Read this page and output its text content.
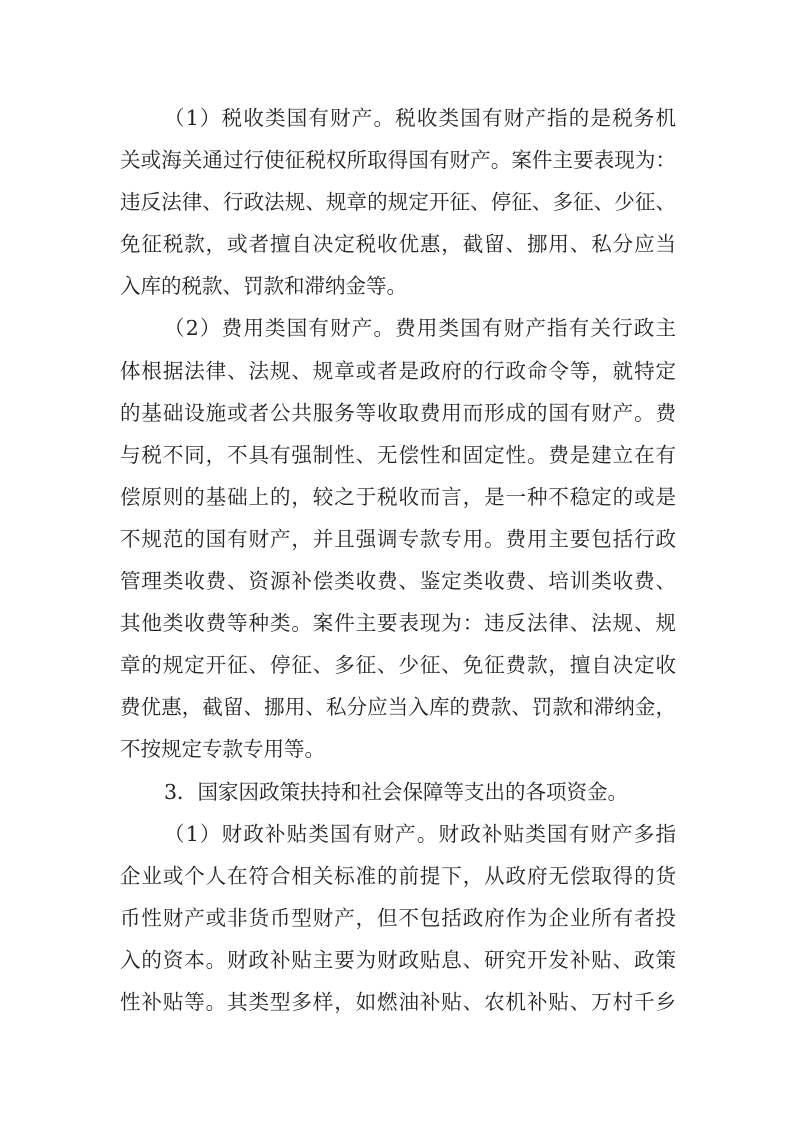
（1）税收类国有财产。税收类国有财产指的是税务机
关或海关通过行使征税权所取得国有财产。案件主要表现为：
违反法律、行政法规、规章的规定开征、停征、多征、少征、
免征税款，或者擅自决定税收优惠，截留、挪用、私分应当
入库的税款、罚款和滞纳金等。
（2）费用类国有财产。费用类国有财产指有关行政主
体根据法律、法规、规章或者是政府的行政命令等，就特定
的基础设施或者公共服务等收取费用而形成的国有财产。费
与税不同，不具有强制性、无偿性和固定性。费是建立在有
偿原则的基础上的，较之于税收而言，是一种不稳定的或是
不规范的国有财产，并且强调专款专用。费用主要包括行政
管理类收费、资源补偿类收费、鉴定类收费、培训类收费、
其他类收费等种类。案件主要表现为：违反法律、法规、规
章的规定开征、停征、多征、少征、免征费款，擅自决定收
费优惠，截留、挪用、私分应当入库的费款、罚款和滞纳金，
不按规定专款专用等。
3．国家因政策扶持和社会保障等支出的各项资金。
（1）财政补贴类国有财产。财政补贴类国有财产多指
企业或个人在符合相关标准的前提下，从政府无偿取得的货
币性财产或非货币型财产，但不包括政府作为企业所有者投
入的资本。财政补贴主要为财政贴息、研究开发补贴、政策
性补贴等。其类型多样，如燃油补贴、农机补贴、万村千乡
